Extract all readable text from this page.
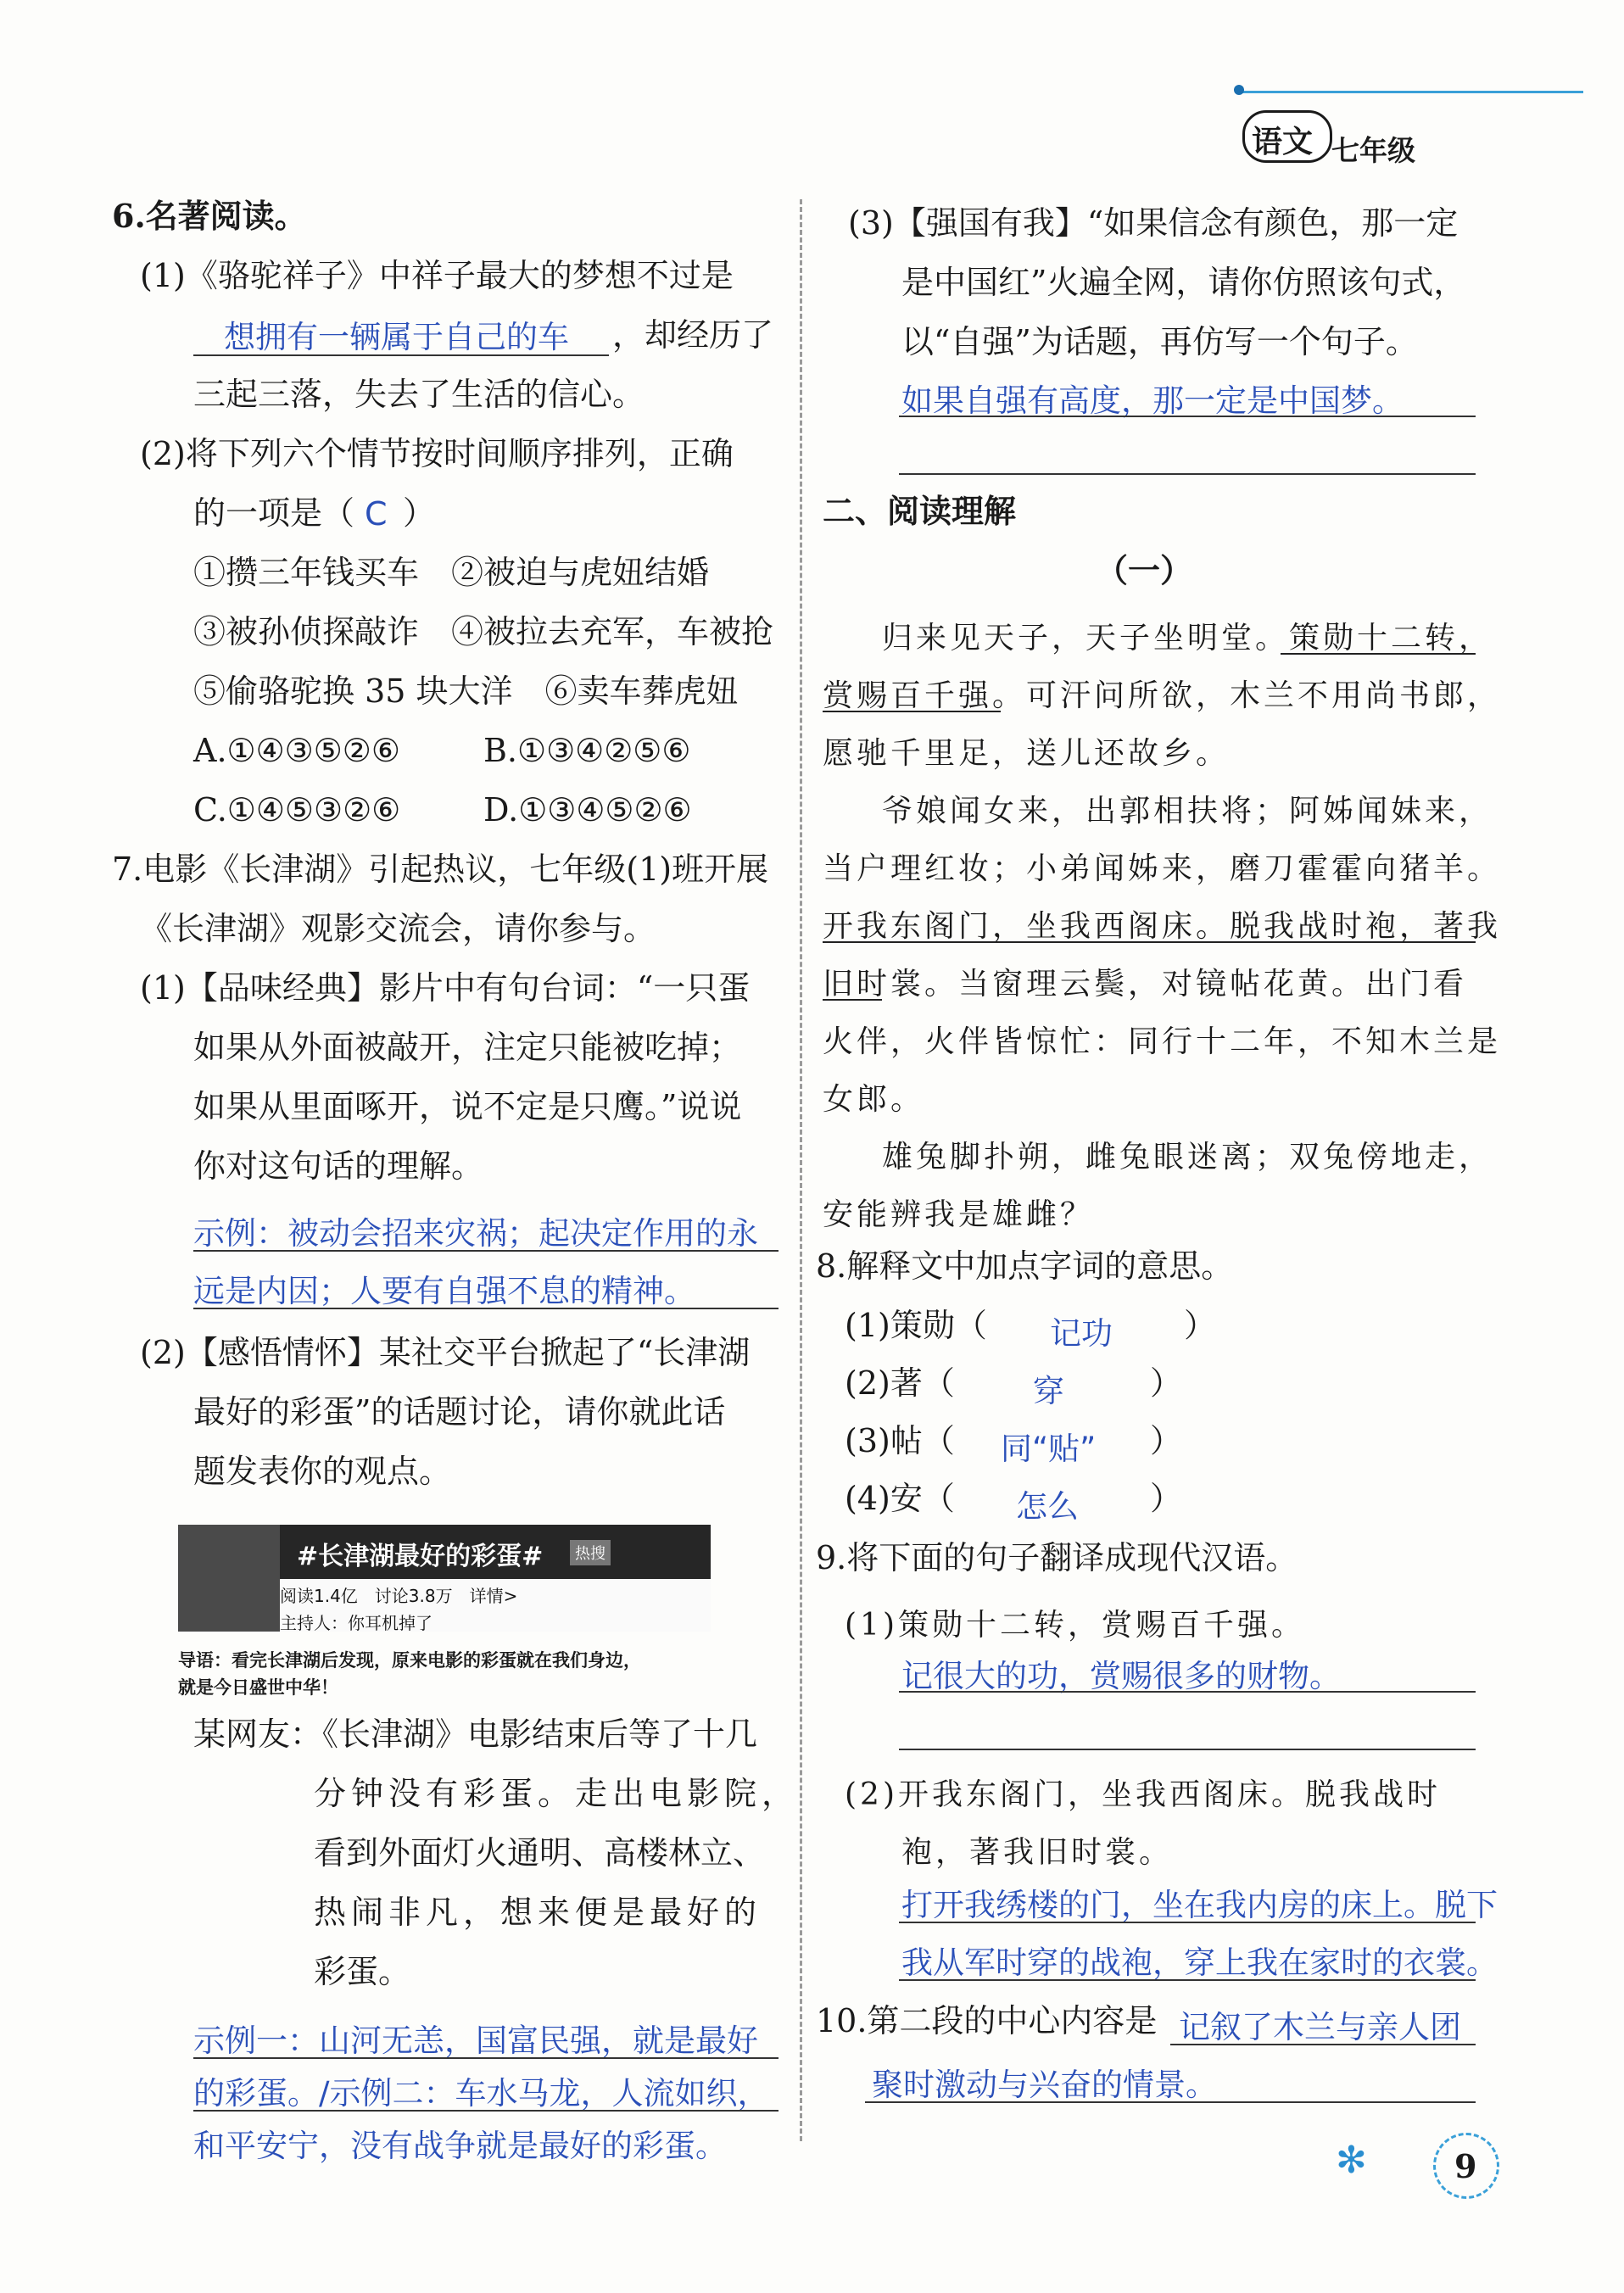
语文 七年级
6.名著阅读。
(1)《骆驼祥子》中祥子最大的梦想不过是
想拥有一辆属于自己的车 ，却经历了
三起三落，失去了生活的信心。
(2)将下列六个情节按时间顺序排列，正确
的一项是（ C ）
①攒三年钱买车　②被迫与虎妞结婚
③被孙侦探敲诈　④被拉去充军，车被抢
⑤偷骆驼换 35 块大洋　⑥卖车葬虎妞
A.①④③⑤②⑥	B.①③④②⑤⑥
C.①④⑤③②⑥	D.①③④⑤②⑥
7.电影《长津湖》引起热议，七年级(1)班开展
《长津湖》观影交流会，请你参与。
(1)【品味经典】影片中有句台词：“一只蛋
如果从外面被敲开，注定只能被吃掉；
如果从里面啄开，说不定是只鹰。”说说
你对这句话的理解。
示例：被动会招来灾祸；起决定作用的永
远是内因；人要有自强不息的精神。
(2)【感悟情怀】某社交平台掀起了“长津湖
最好的彩蛋”的话题讨论，请你就此话
题发表你的观点。
#长津湖最好的彩蛋#	热搜
阅读1.4亿　讨论3.8万　详情>
主持人：你耳机掉了
导语：看完长津湖后发现，原来电影的彩蛋就在我们身边，
就是今日盛世中华！
某网友：《长津湖》电影结束后等了十几
分钟没有彩蛋。走出电影院，
看到外面灯火通明、高楼林立、
热闹非凡，想来便是最好的
彩蛋。
示例一：山河无恙，国富民强，就是最好
的彩蛋。/示例二：车水马龙，人流如织，
和平安宁，没有战争就是最好的彩蛋。
(3)【强国有我】“如果信念有颜色，那一定
是中国红”火遍全网，请你仿照该句式，
以“自强”为话题，再仿写一个句子。
如果自强有高度，那一定是中国梦。
二、阅读理解
（一）
归来见天子，天子坐明堂。策勋十二转，
赏赐百千强。可汗问所欲，木兰不用尚书郎，
愿驰千里足，送儿还故乡。
爷娘闻女来，出郭相扶将；阿姊闻妹来，
当户理红妆；小弟闻姊来，磨刀霍霍向猪羊。
开我东阁门，坐我西阁床。脱我战时袍，著我
旧时裳。当窗理云鬓，对镜帖花黄。出门看
火伴，火伴皆惊忙：同行十二年，不知木兰是
女郎。
雄兔脚扑朔，雌兔眼迷离；双兔傍地走，
安能辨我是雄雌？
8.解释文中加点字词的意思。
(1)策勋（ 记功 ）
(2)著（ 穿	）
(3)帖（ 同“贴” ）
(4)安（ 怎么 ）
9.将下面的句子翻译成现代汉语。
(1)策勋十二转，赏赐百千强。
记很大的功，赏赐很多的财物。
(2)开我东阁门，坐我西阁床。脱我战时
袍，著我旧时裳。
打开我绣楼的门，坐在我内房的床上。脱下
我从军时穿的战袍，穿上我在家时的衣裳。
10.第二段的中心内容是 记叙了木兰与亲人团
聚时激动与兴奋的情景。
✻	9
